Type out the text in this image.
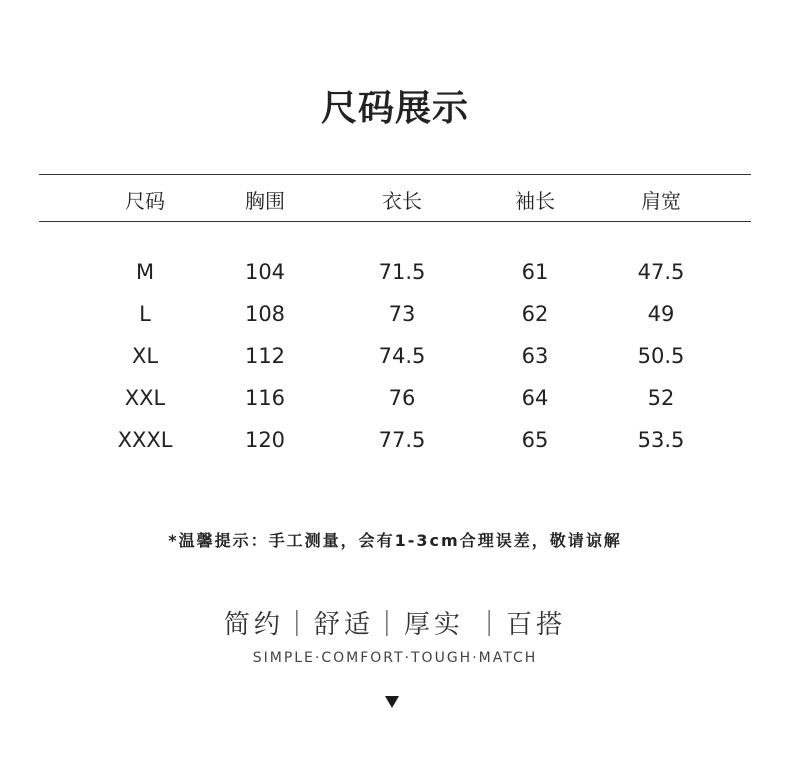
尺码展示
尺码	胸围	衣长	袖长	肩宽
M	104	71.5	61	47.5
L	108	73	62	49
XL	112	74.5	63	50.5
XXL	116	76	64	52
XXXL	120	77.5	65	53.5
*温馨提示：手工测量，会有1-3cm合理误差，敬请谅解
简约｜舒适｜厚实 ｜百搭
SIMPLE·COMFORT·TOUGH·MATCH
